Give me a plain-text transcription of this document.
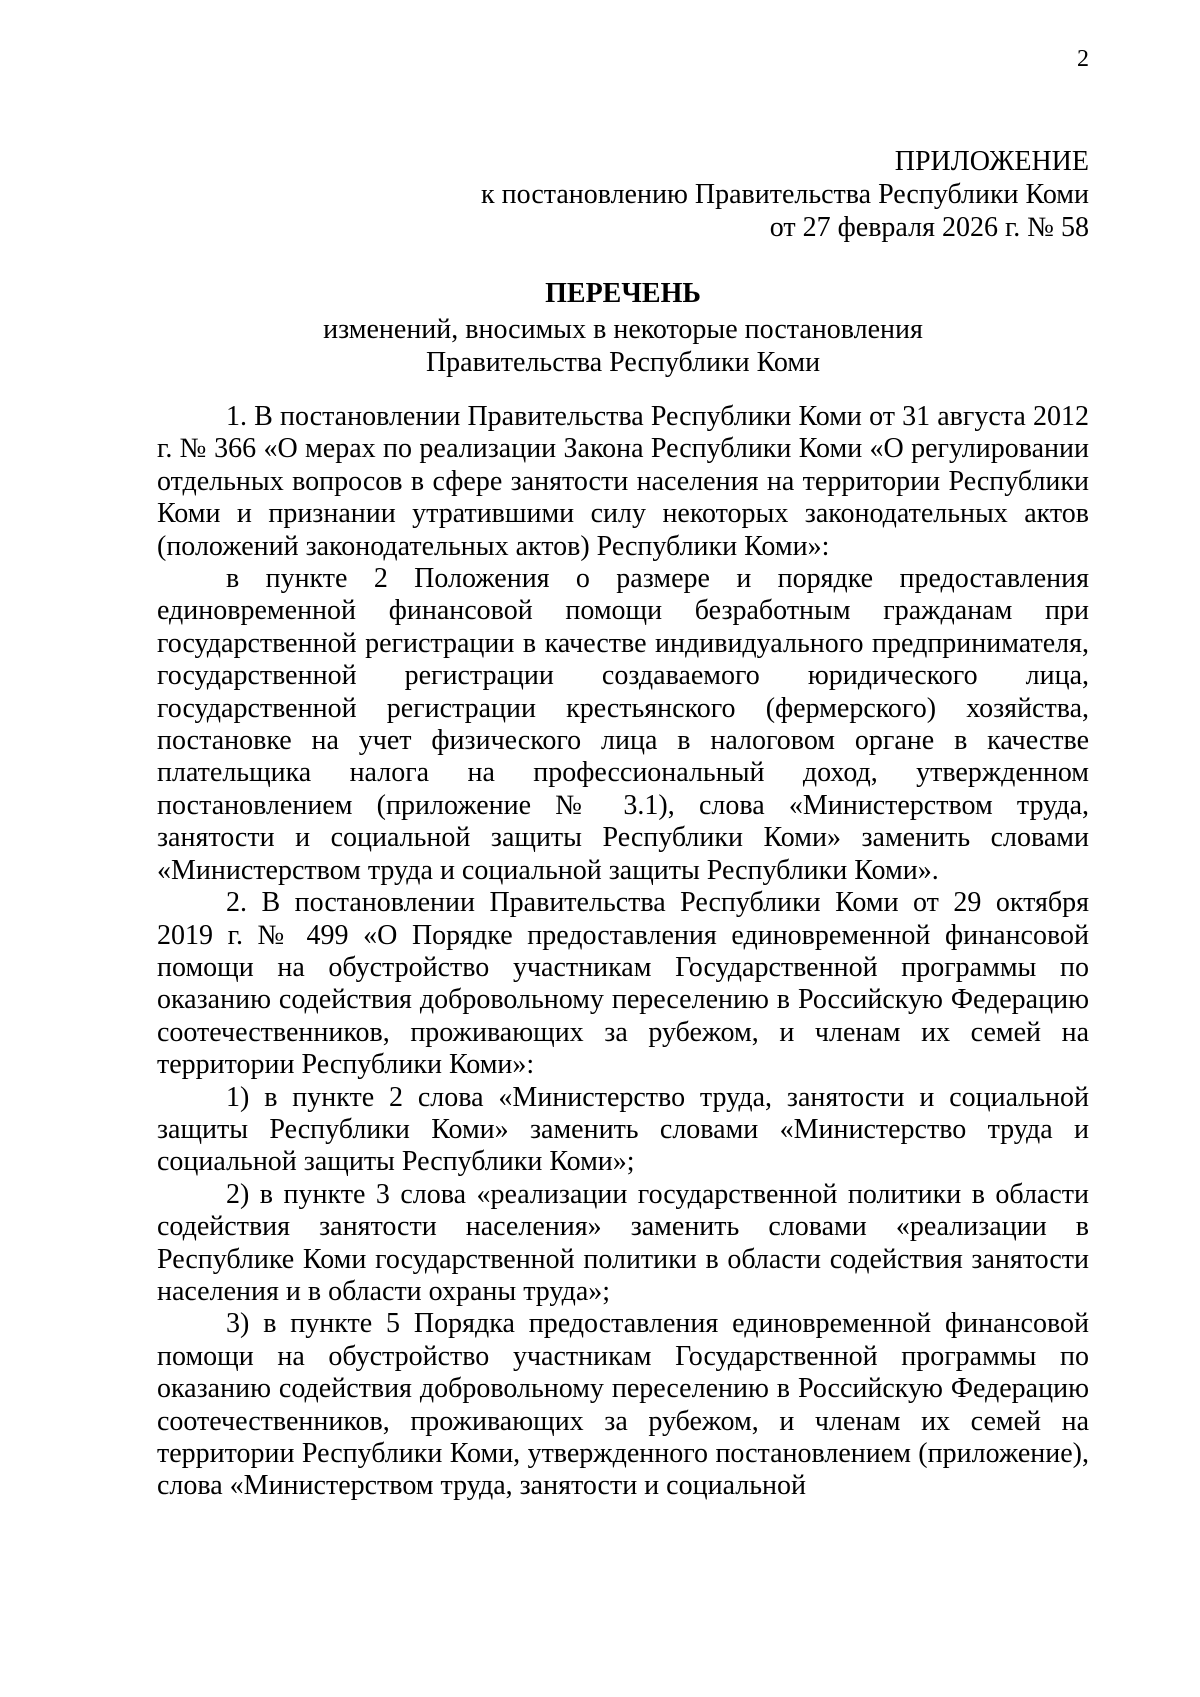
2
ПРИЛОЖЕНИЕ
к постановлению Правительства Республики Коми
от 27 февраля 2026 г. № 58
ПЕРЕЧЕНЬ
изменений, вносимых в некоторые постановления
Правительства Республики Коми

1. В постановлении Правительства Республики Коми от 31 августа 2012 г. № 366 «О мерах по реализации Закона Республики Коми «О регулировании отдельных вопросов в сфере занятости населения на территории Республики Коми и признании утратившими силу некоторых законодательных актов (положений законодательных актов) Республики Коми»:

в пункте 2 Положения о размере и порядке предоставления единовременной финансовой помощи безработным гражданам при государственной регистрации в качестве индивидуального предпринимателя, государственной регистрации создаваемого юридического лица, государственной регистрации крестьянского (фермерского) хозяйства, постановке на учет физического лица в налоговом органе в качестве плательщика налога на профессиональный доход, утвержденном постановлением (приложение № 3.1), слова «Министерством труда, занятости и социальной защиты Республики Коми» заменить словами «Министерством труда и социальной защиты Республики Коми».

2. В постановлении Правительства Республики Коми от 29 октября 2019 г. № 499 «О Порядке предоставления единовременной финансовой помощи на обустройство участникам Государственной программы по оказанию содействия добровольному переселению в Российскую Федерацию соотечественников, проживающих за рубежом, и членам их семей на территории Республики Коми»:

1) в пункте 2 слова «Министерство труда, занятости и социальной защиты Республики Коми» заменить словами «Министерство труда и социальной защиты Республики Коми»;

2) в пункте 3 слова «реализации государственной политики в области содействия занятости населения» заменить словами «реализации в Республике Коми государственной политики в области содействия занятости населения и в области охраны труда»;

3) в пункте 5 Порядка предоставления единовременной финансовой помощи на обустройство участникам Государственной программы по оказанию содействия добровольному переселению в Российскую Федерацию соотечественников, проживающих за рубежом, и членам их семей на территории Республики Коми, утвержденного постановлением (приложение), слова «Министерством труда, занятости и социальной
